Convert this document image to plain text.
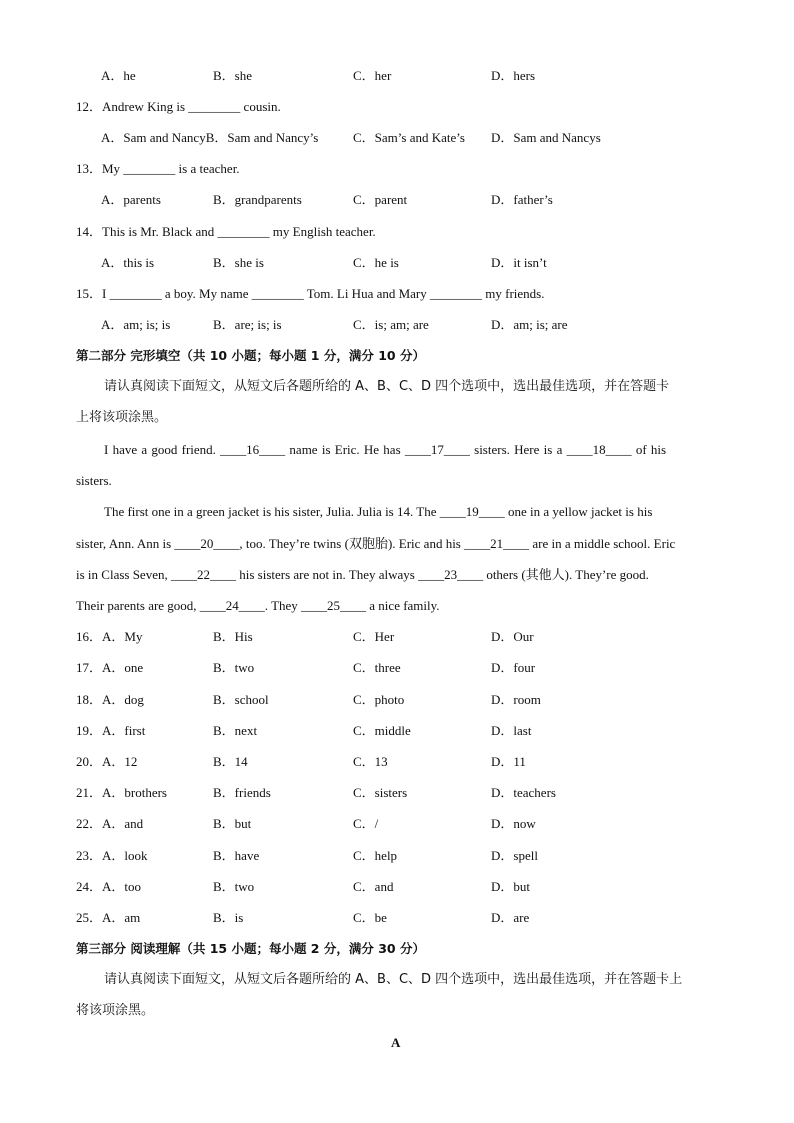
A．he	B．she	C．her	D．hers
12．Andrew King is ________ cousin.
A．Sam and NancyB．Sam and Nancy’s	C．Sam’s and Kate’s D．Sam and Nancys
13．My ________ is a teacher.
A．parents	B．grandparents	C．parent	D．father’s
14．This is Mr. Black and ________ my English teacher.
A．this is	B．she is	C．he is	D．it isn’t
15．I ________ a boy. My name ________ Tom. Li Hua and Mary ________ my friends.
A．am; is; is	B．are; is; is	C．is; am; are	D．am; is; are
第二部分 完形填空（共 10 小题；每小题 1 分，满分 10 分）
请认真阅读下面短文，从短文后各题所给的 A、B、C、D 四个选项中，选出最佳选项，并在答题卡
上将该项涂黑。
I have a good friend. ____16____ name is Eric. He has ____17____ sisters. Here is a ____18____ of his
sisters.
The first one in a green jacket is his sister, Julia. Julia is 14. The ____19____ one in a yellow jacket is his
sister, Ann. Ann is ____20____, too. They’re twins (双胞胎). Eric and his ____21____ are in a middle school. Eric
is in Class Seven, ____22____ his sisters are not in. They always ____23____ others (其他人). They’re good.
Their parents are good, ____24____. They ____25____ a nice family.
16．A．My	B．His	C．Her	D．Our
17．A．one	B．two	C．three	D．four
18．A．dog	B．school	C．photo	D．room
19．A．first	B．next	C．middle	D．last
20．A．12	B．14	C．13	D．11
21．A．brothers	B．friends	C．sisters	D．teachers
22．A．and	B．but	C．/	D．now
23．A．look	B．have	C．help	D．spell
24．A．too	B．two	C．and	D．but
25．A．am	B．is	C．be	D．are
第三部分 阅读理解（共 15 小题；每小题 2 分，满分 30 分）
请认真阅读下面短文，从短文后各题所给的 A、B、C、D 四个选项中，选出最佳选项，并在答题卡上
将该项涂黑。
A
